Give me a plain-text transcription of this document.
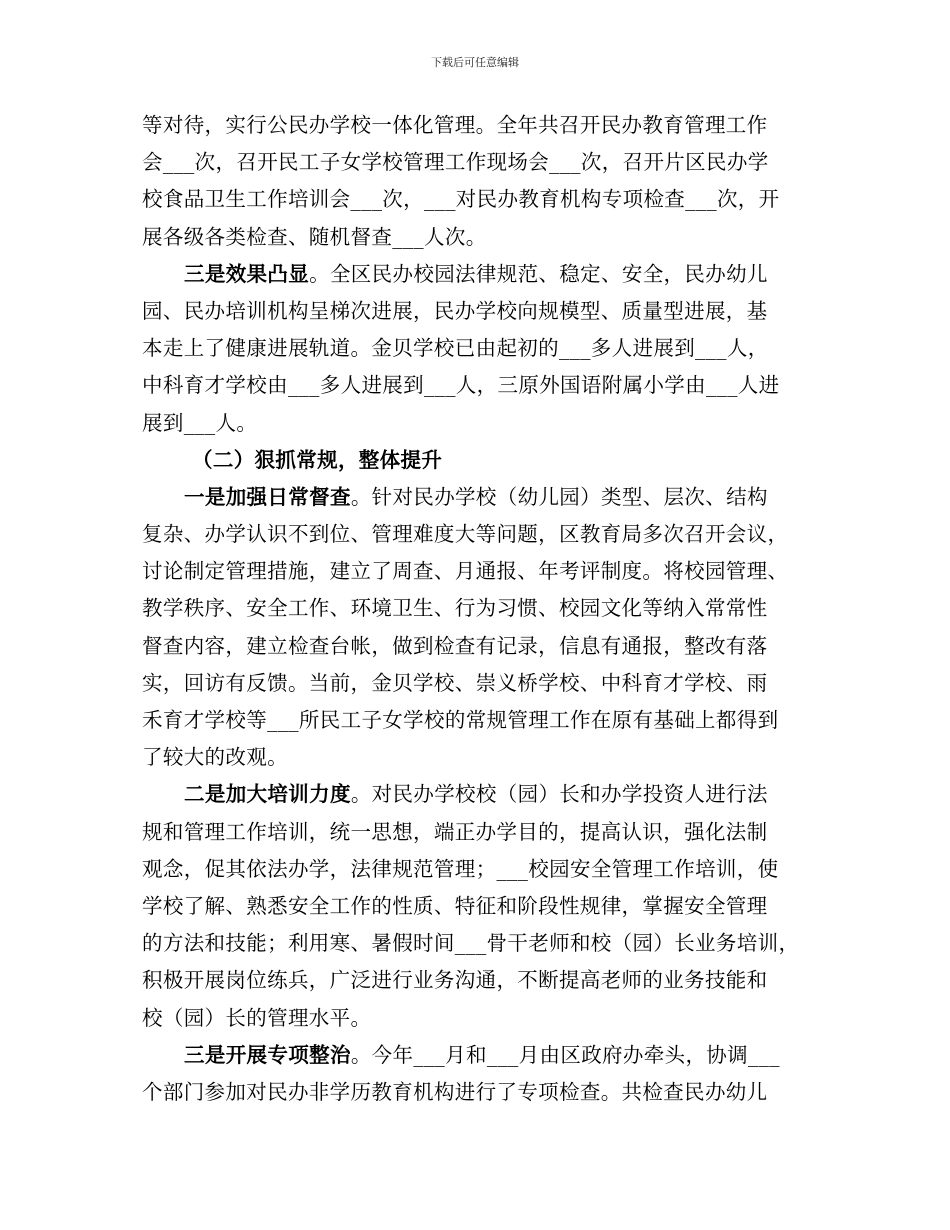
下载后可任意编辑
等对待，实行公民办学校一体化管理。全年共召开民办教育管理工作
会___次，召开民工子女学校管理工作现场会___次，召开片区民办学
校食品卫生工作培训会___次，___对民办教育机构专项检查___次，开
展各级各类检查、随机督查___人次。
三是效果凸显。全区民办校园法律规范、稳定、安全，民办幼儿
园、民办培训机构呈梯次进展，民办学校向规模型、质量型进展，基
本走上了健康进展轨道。金贝学校已由起初的___多人进展到___人，
中科育才学校由___多人进展到___人，三原外国语附属小学由___人进
展到___人。
（二）狠抓常规，整体提升
一是加强日常督查。针对民办学校（幼儿园）类型、层次、结构
复杂、办学认识不到位、管理难度大等问题，区教育局多次召开会议，
讨论制定管理措施，建立了周查、月通报、年考评制度。将校园管理、
教学秩序、安全工作、环境卫生、行为习惯、校园文化等纳入常常性
督查内容，建立检查台帐，做到检查有记录，信息有通报，整改有落
实，回访有反馈。当前，金贝学校、崇义桥学校、中科育才学校、雨
禾育才学校等___所民工子女学校的常规管理工作在原有基础上都得到
了较大的改观。
二是加大培训力度。对民办学校校（园）长和办学投资人进行法
规和管理工作培训，统一思想，端正办学目的，提高认识，强化法制
观念，促其依法办学，法律规范管理；___校园安全管理工作培训，使
学校了解、熟悉安全工作的性质、特征和阶段性规律，掌握安全管理
的方法和技能；利用寒、暑假时间___骨干老师和校（园）长业务培训，
积极开展岗位练兵，广泛进行业务沟通，不断提高老师的业务技能和
校（园）长的管理水平。
三是开展专项整治。今年___月和___月由区政府办牵头，协调___
个部门参加对民办非学历教育机构进行了专项检查。共检查民办幼儿
